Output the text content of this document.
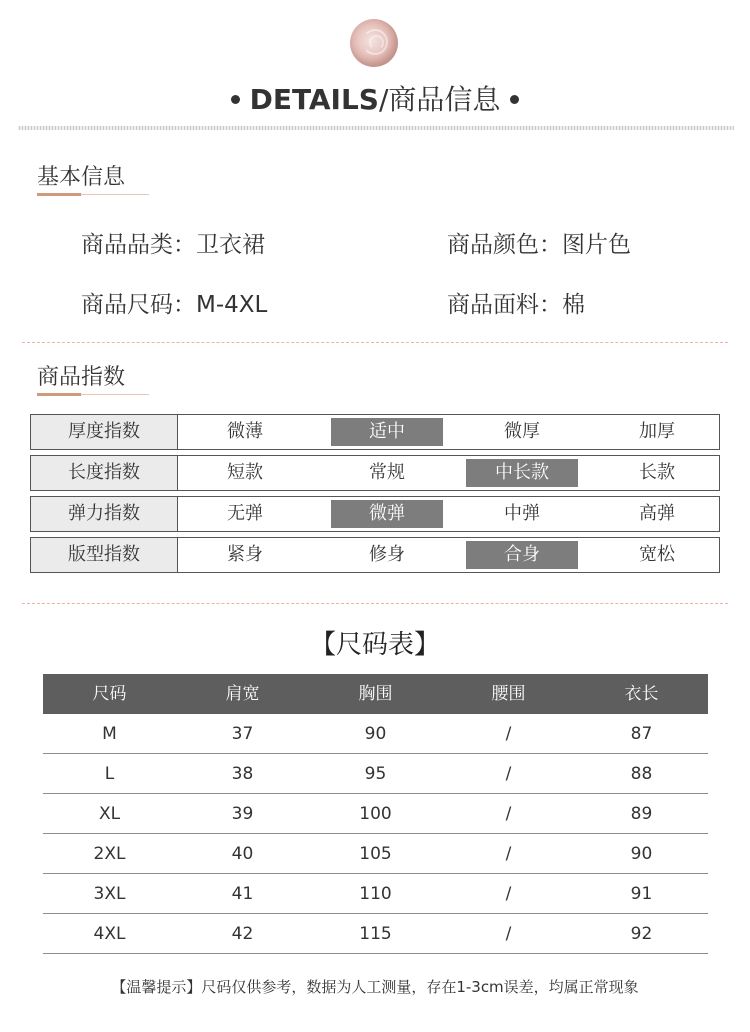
DETAILS/商品信息
基本信息
商品品类：卫衣裙	商品颜色：图片色
商品尺码：M-4XL	商品面料：棉
商品指数
厚度指数	微薄	适中	微厚	加厚
长度指数	短款	常规	中长款	长款
弹力指数	无弹	微弹	中弹	高弹
版型指数	紧身	修身	合身	宽松
【尺码表】
尺码	肩宽	胸围	腰围	衣长
M	37	90	/	87
L	38	95	/	88
XL	39	100	/	89
2XL	40	105	/	90
3XL	41	110	/	91
4XL	42	115	/	92
【温馨提示】尺码仅供参考，数据为人工测量，存在1-3cm误差，均属正常现象
